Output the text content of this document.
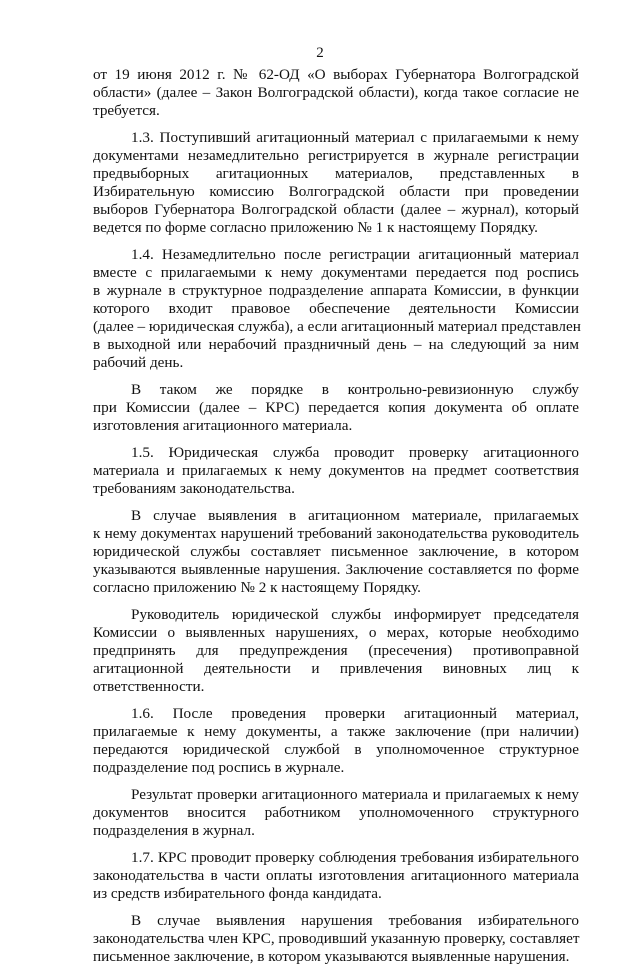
2

от 19 июня 2012 г. № 62-ОД «О выборах Губернатора Волгоградской
области» (далее – Закон Волгоградской области), когда такое согласие не
требуется.

1.3. Поступивший агитационный материал с прилагаемыми к нему
документами незамедлительно регистрируется в журнале регистрации
предвыборных агитационных материалов, представленных в
Избирательную комиссию Волгоградской области при проведении
выборов Губернатора Волгоградской области (далее – журнал), который
ведется по форме согласно приложению № 1 к настоящему Порядку.

1.4. Незамедлительно после регистрации агитационный материал
вместе с прилагаемыми к нему документами передается под роспись
в журнале в структурное подразделение аппарата Комиссии, в функции
которого входит правовое обеспечение деятельности Комиссии
(далее – юридическая служба), а если агитационный материал представлен
в выходной или нерабочий праздничный день – на следующий за ним
рабочий день.

В таком же порядке в контрольно-ревизионную службу
при Комиссии (далее – КРС) передается копия документа об оплате
изготовления агитационного материала.

1.5. Юридическая служба проводит проверку агитационного
материала и прилагаемых к нему документов на предмет соответствия
требованиям законодательства.

В случае выявления в агитационном материале, прилагаемых
к нему документах нарушений требований законодательства руководитель
юридической службы составляет письменное заключение, в котором
указываются выявленные нарушения. Заключение составляется по форме
согласно приложению № 2 к настоящему Порядку.

Руководитель юридической службы информирует председателя
Комиссии о выявленных нарушениях, о мерах, которые необходимо
предпринять для предупреждения (пресечения) противоправной
агитационной деятельности и привлечения виновных лиц к
ответственности.

1.6. После проведения проверки агитационный материал,
прилагаемые к нему документы, а также заключение (при наличии)
передаются юридической службой в уполномоченное структурное
подразделение под роспись в журнале.

Результат проверки агитационного материала и прилагаемых к нему
документов вносится работником уполномоченного структурного
подразделения в журнал.

1.7. КРС проводит проверку соблюдения требования избирательного
законодательства в части оплаты изготовления агитационного материала
из средств избирательного фонда кандидата.

В случае выявления нарушения требования избирательного
законодательства член КРС, проводивший указанную проверку, составляет
письменное заключение, в котором указываются выявленные нарушения.
